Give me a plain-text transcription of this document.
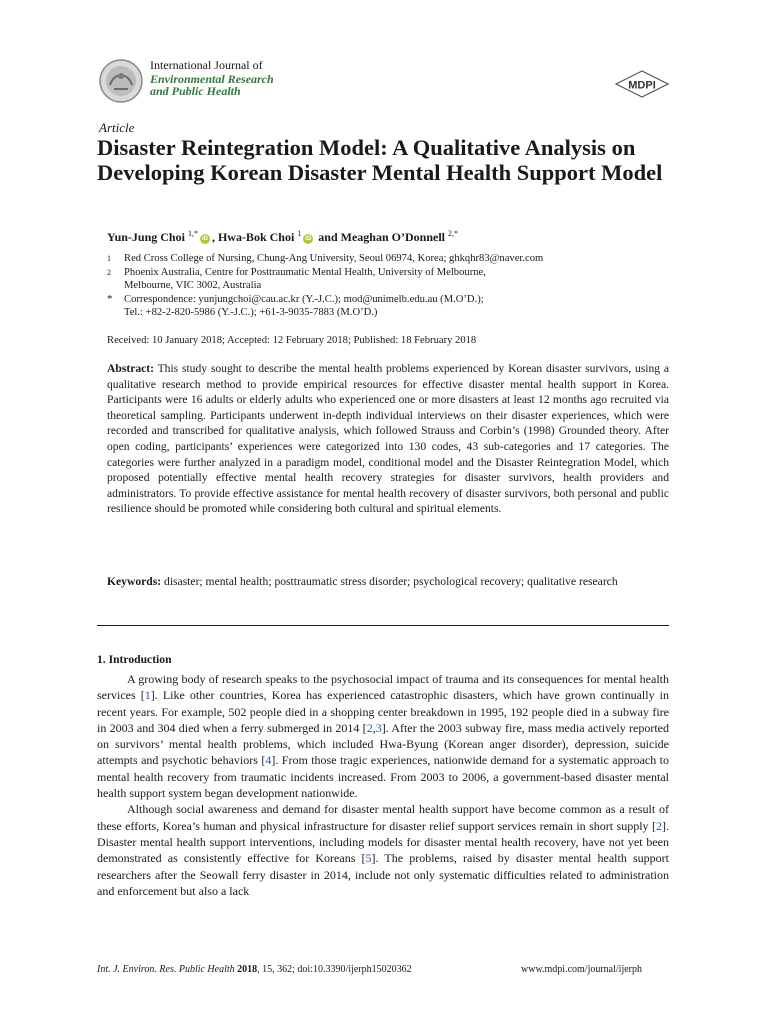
International Journal of
Environmental Research
and Public Health	MDPI
Article
Disaster Reintegration Model: A Qualitative Analysis on Developing Korean Disaster Mental Health Support Model
Yun-Jung Choi $^{1,*}$iD , Hwa-Bok Choi $^1$iD and Meaghan O’Donnell $^{2,*}$
1 Red Cross College of Nursing, Chung-Ang University, Seoul 06974, Korea; ghkqhr83@naver.com
2 Phoenix Australia, Centre for Posttraumatic Mental Health, University of Melbourne,
Melbourne, VIC 3002, Australia
* Correspondence: yunjungchoi@cau.ac.kr (Y.-J.C.); mod@unimelb.edu.au (M.O’D.);
Tel.: +82-2-820-5986 (Y.-J.C.); +61-3-9035-7883 (M.O’D.)
Received: 10 January 2018; Accepted: 12 February 2018; Published: 18 February 2018

Abstract: This study sought to describe the mental health problems experienced by Korean disaster survivors, using a qualitative research method to provide empirical resources for effective disaster mental health support in Korea. Participants were 16 adults or elderly adults who experienced one or more disasters at least 12 months ago recruited via theoretical sampling. Participants underwent in-depth individual interviews on their disaster experiences, which were recorded and transcribed for qualitative analysis, which followed Strauss and Corbin’s (1998) Grounded theory. After open coding, participants’ experiences were categorized into 130 codes, 43 sub-categories and 17 categories. The categories were further analyzed in a paradigm model, conditional model and the Disaster Reintegration Model, which proposed potentially effective mental health recovery strategies for disaster survivors, health providers and administrators. To provide effective assistance for mental health recovery of disaster survivors, both personal and public resilience should be promoted while considering both cultural and spiritual elements.

Keywords: disaster; mental health; posttraumatic stress disorder; psychological recovery; qualitative research

1. Introduction

A growing body of research speaks to the psychosocial impact of trauma and its consequences for mental health services [1]. Like other countries, Korea has experienced catastrophic disasters, which have grown continually in recent years. For example, 502 people died in a shopping center breakdown in 1995, 192 people died in a subway fire in 2003 and 304 died when a ferry submerged in 2014 [2,3]. After the 2003 subway fire, mass media actively reported on survivors’ mental health problems, which included Hwa-Byung (Korean anger disorder), depression, suicide attempts and psychotic behaviors [4]. From those tragic experiences, nationwide demand for a systematic approach to mental health recovery from traumatic incidents increased. From 2003 to 2006, a government-based disaster mental health support system began development nationwide.

Although social awareness and demand for disaster mental health support have become common as a result of these efforts, Korea’s human and physical infrastructure for disaster relief support services remain in short supply [2]. Disaster mental health support interventions, including models for disaster mental health recovery, have not yet been demonstrated as consistently effective for Koreans [5]. The problems, raised by disaster mental health support researchers after the Seowall ferry disaster in 2014, include not only systematic difficulties related to administration and enforcement but also a lack

Int. J. Environ. Res. Public Health 2018, 15, 362; doi:10.3390/ijerph15020362	www.mdpi.com/journal/ijerph
